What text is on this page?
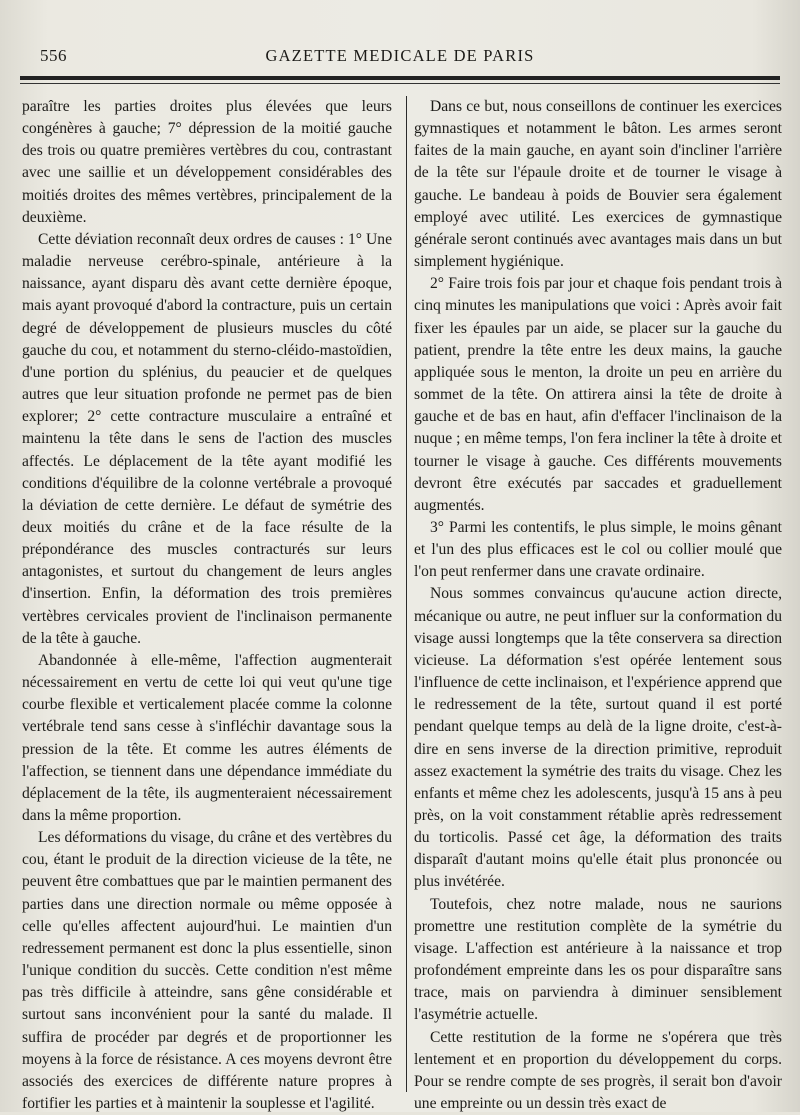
556	GAZETTE MEDICALE DE PARIS

paraître les parties droites plus élevées que leurs congénères à gauche; 7° dépression de la moitié gauche des trois ou quatre premières vertèbres du cou, contrastant avec une saillie et un développement considérables des moitiés droites des mêmes vertèbres, principalement de la deuxième.

Cette déviation reconnaît deux ordres de causes : 1° Une maladie nerveuse cerébro-spinale, antérieure à la naissance, ayant disparu dès avant cette dernière époque, mais ayant provoqué d'abord la contracture, puis un certain degré de développement de plusieurs muscles du côté gauche du cou, et notamment du sterno-cléido-mastoïdien, d'une portion du splénius, du peaucier et de quelques autres que leur situation profonde ne permet pas de bien explorer; 2° cette contracture musculaire a entraîné et maintenu la tête dans le sens de l'action des muscles affectés. Le déplacement de la tête ayant modifié les conditions d'équilibre de la colonne vertébrale a provoqué la déviation de cette dernière. Le défaut de symétrie des deux moitiés du crâne et de la face résulte de la prépondérance des muscles contracturés sur leurs antagonistes, et surtout du changement de leurs angles d'insertion. Enfin, la déformation des trois premières vertèbres cervicales provient de l'inclinaison permanente de la tête à gauche.

Abandonnée à elle-même, l'affection augmenterait nécessairement en vertu de cette loi qui veut qu'une tige courbe flexible et verticalement placée comme la colonne vertébrale tend sans cesse à s'infléchir davantage sous la pression de la tête. Et comme les autres éléments de l'affection, se tiennent dans une dépendance immédiate du déplacement de la tête, ils augmenteraient nécessairement dans la même proportion.

Les déformations du visage, du crâne et des vertèbres du cou, étant le produit de la direction vicieuse de la tête, ne peuvent être combattues que par le maintien permanent des parties dans une direction normale ou même opposée à celle qu'elles affectent aujourd'hui. Le maintien d'un redressement permanent est donc la plus essentielle, sinon l'unique condition du succès. Cette condition n'est même pas très difficile à atteindre, sans gêne considérable et surtout sans inconvénient pour la santé du malade. Il suffira de procéder par degrés et de proportionner les moyens à la force de résistance. A ces moyens devront être associés des exercices de différente nature propres à fortifier les parties et à maintenir la souplesse et l'agilité.

Dans ce but, nous conseillons de continuer les exercices gymnastiques et notamment le bâton. Les armes seront faites de la main gauche, en ayant soin d'incliner l'arrière de la tête sur l'épaule droite et de tourner le visage à gauche. Le bandeau à poids de Bouvier sera également employé avec utilité. Les exercices de gymnastique générale seront continués avec avantages mais dans un but simplement hygiénique.

2° Faire trois fois par jour et chaque fois pendant trois à cinq minutes les manipulations que voici : Après avoir fait fixer les épaules par un aide, se placer sur la gauche du patient, prendre la tête entre les deux mains, la gauche appliquée sous le menton, la droite un peu en arrière du sommet de la tête. On attirera ainsi la tête de droite à gauche et de bas en haut, afin d'effacer l'inclinaison de la nuque ; en même temps, l'on fera incliner la tête à droite et tourner le visage à gauche. Ces différents mouvements devront être exécutés par saccades et graduellement augmentés.

3° Parmi les contentifs, le plus simple, le moins gênant et l'un des plus efficaces est le col ou collier moulé que l'on peut renfermer dans une cravate ordinaire.

Nous sommes convaincus qu'aucune action directe, mécanique ou autre, ne peut influer sur la conformation du visage aussi longtemps que la tête conservera sa direction vicieuse. La déformation s'est opérée lentement sous l'influence de cette inclinaison, et l'expérience apprend que le redressement de la tête, surtout quand il est porté pendant quelque temps au delà de la ligne droite, c'est-à-dire en sens inverse de la direction primitive, reproduit assez exactement la symétrie des traits du visage. Chez les enfants et même chez les adolescents, jusqu'à 15 ans à peu près, on la voit constamment rétablie après redressement du torticolis. Passé cet âge, la déformation des traits disparaît d'autant moins qu'elle était plus prononcée ou plus invétérée.

Toutefois, chez notre malade, nous ne saurions promettre une restitution complète de la symétrie du visage. L'affection est antérieure à la naissance et trop profondément empreinte dans les os pour disparaître sans trace, mais on parviendra à diminuer sensiblement l'asymétrie actuelle.

Cette restitution de la forme ne s'opérera que très lentement et en proportion du développement du corps. Pour se rendre compte de ses progrès, il serait bon d'avoir une empreinte ou un dessin très exact de
